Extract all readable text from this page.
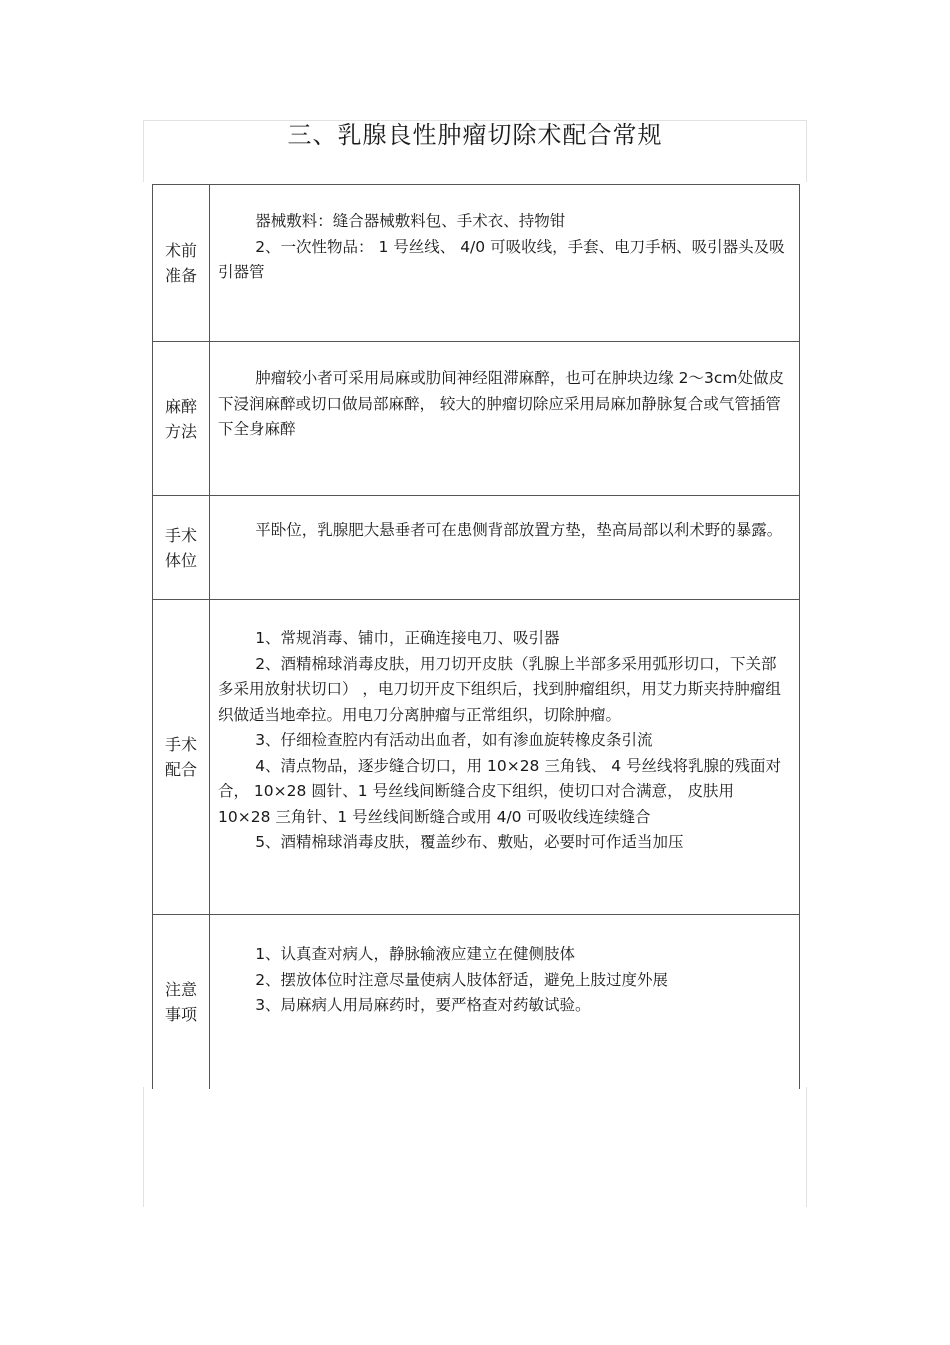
三、乳腺良性肿瘤切除术配合常规
术前准备

器械敷料：缝合器械敷料包、手术衣、持物钳

2、一次性物品： 1 号丝线、 4/0 可吸收线，手套、电刀手柄、吸引器头及吸引器管

麻醉方法

肿瘤较小者可采用局麻或肋间神经阻滞麻醉，也可在肿块边缘 2～3cm处做皮下浸润麻醉或切口做局部麻醉， 较大的肿瘤切除应采用局麻加静脉复合或气管插管下全身麻醉

手术体位

平卧位，乳腺肥大悬垂者可在患侧背部放置方垫，垫高局部以利术野的暴露。

手术配合

1、常规消毒、铺巾，正确连接电刀、吸引器

2、酒精棉球消毒皮肤，用刀切开皮肤（乳腺上半部多采用弧形切口，下关部多采用放射状切口） ，电刀切开皮下组织后，找到肿瘤组织，用艾力斯夹持肿瘤组织做适当地牵拉。用电刀分离肿瘤与正常组织，切除肿瘤。

3、仔细检查腔内有活动出血者，如有渗血旋转橡皮条引流

4、清点物品，逐步缝合切口，用 10×28 三角钱、 4 号丝线将乳腺的残面对合， 10×28 圆针、1 号丝线间断缝合皮下组织，使切口对合满意， 皮肤用 10×28 三角针、1 号丝线间断缝合或用 4/0 可吸收线连续缝合

5、酒精棉球消毒皮肤，覆盖纱布、敷贴，必要时可作适当加压

注意事项

1、认真查对病人，静脉输液应建立在健侧肢体

2、摆放体位时注意尽量使病人肢体舒适，避免上肢过度外展

3、局麻病人用局麻药时，要严格查对药敏试验。
